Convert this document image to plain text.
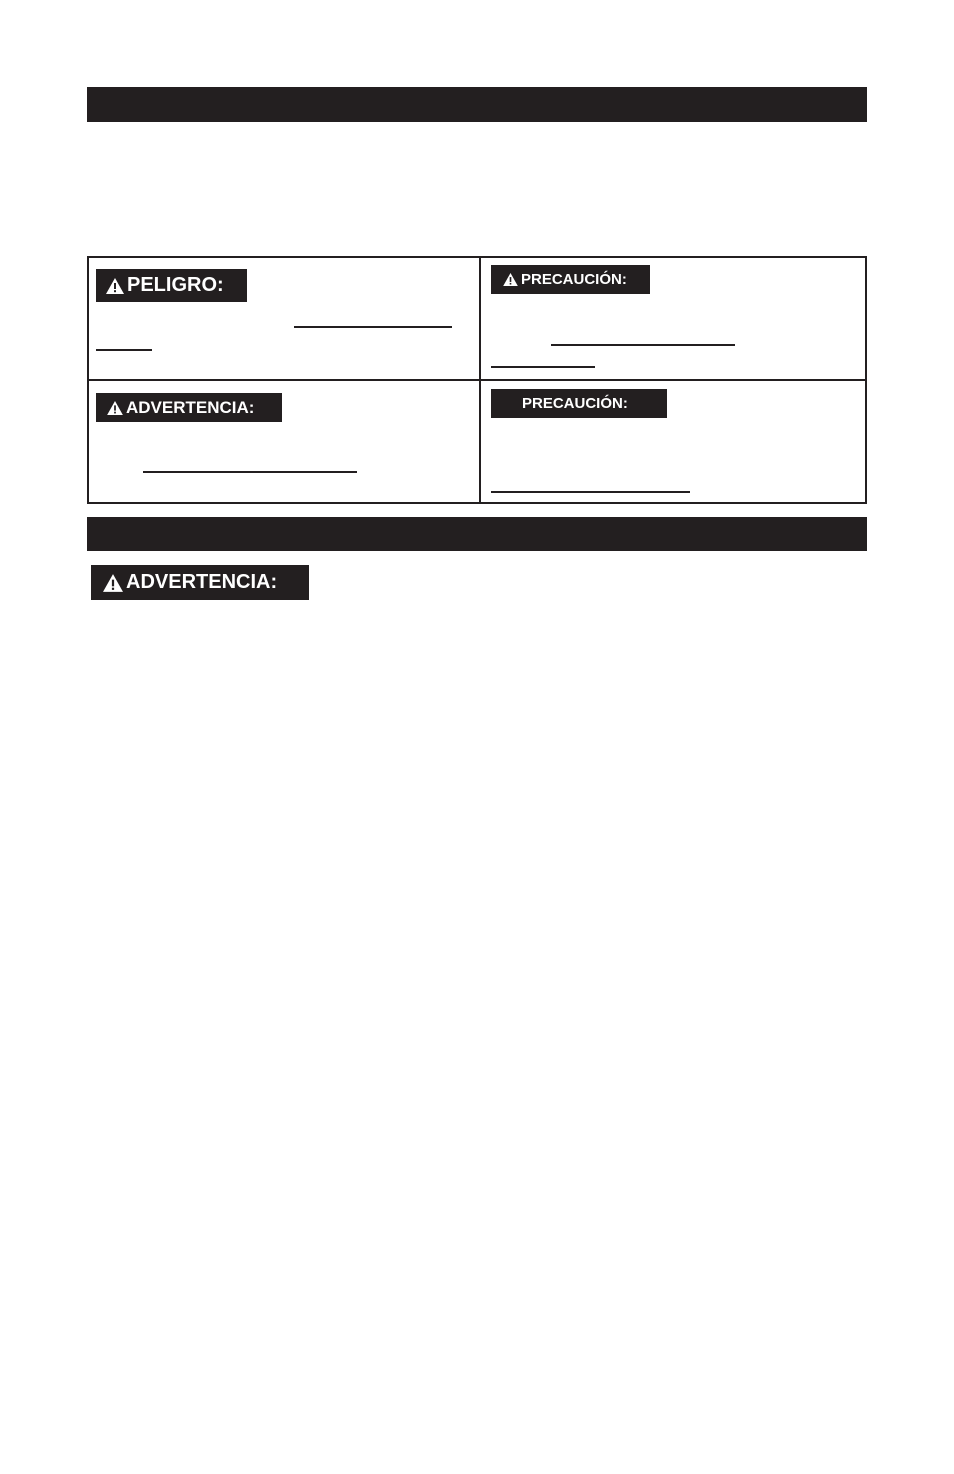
PELIGRO:	PRECAUCIÓN:
ADVERTENCIA:	PRECAUCIÓN:
ADVERTENCIA:
